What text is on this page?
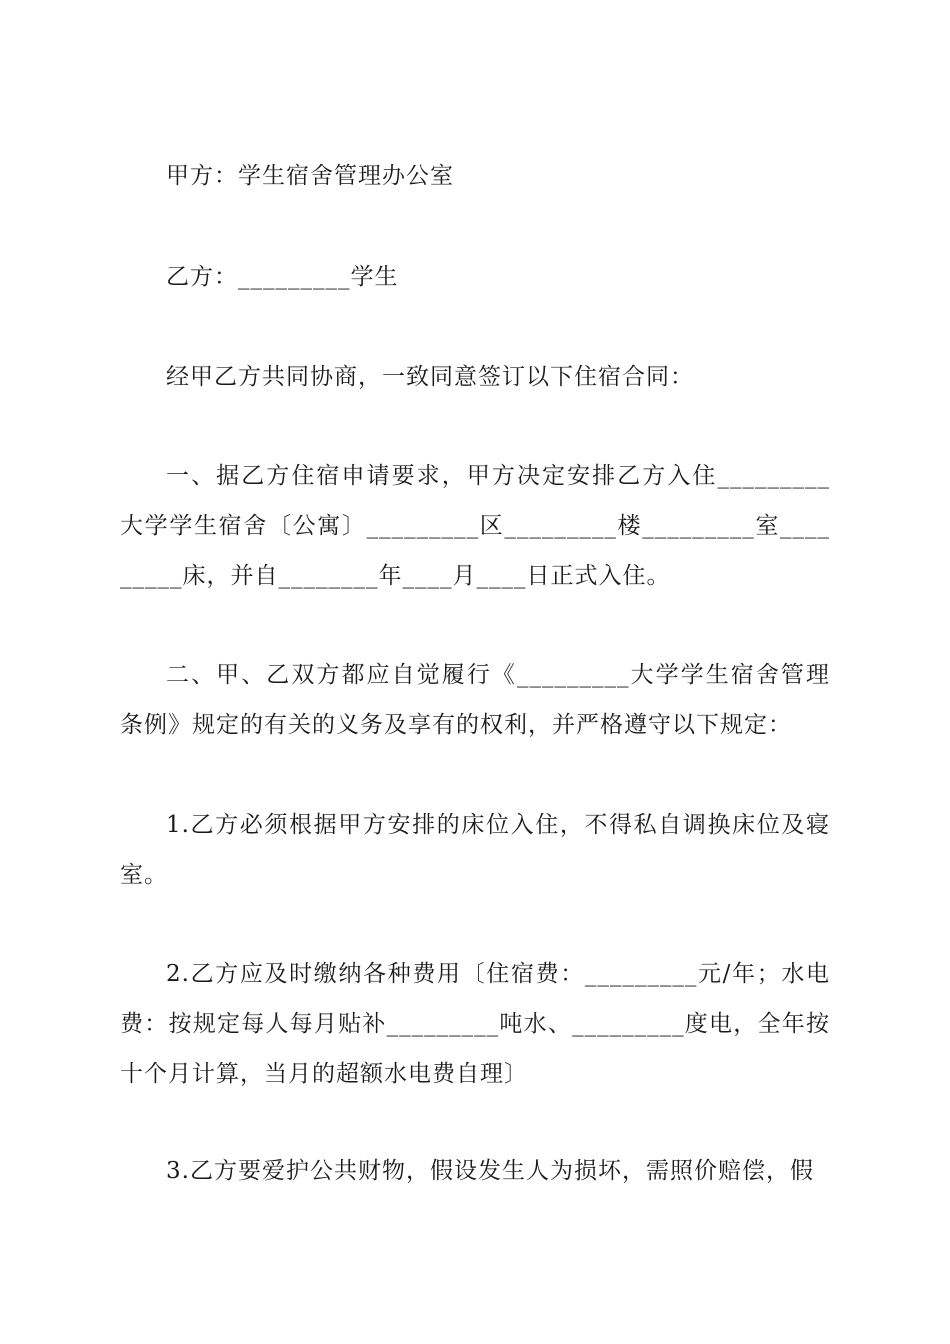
甲方：学生宿舍管理办公室

乙方：_________学生

经甲乙方共同协商，一致同意签订以下住宿合同：

一、据乙方住宿申请要求，甲方决定安排乙方入住_________大学学生宿舍〔公寓〕_________区_________楼_________室_________床，并自________年____月____日正式入住。

二、甲、乙双方都应自觉履行《_________大学学生宿舍管理条例》规定的有关的义务及享有的权利，并严格遵守以下规定：

1.乙方必须根据甲方安排的床位入住，不得私自调换床位及寝室。

2.乙方应及时缴纳各种费用〔住宿费：_________元/年；水电费：按规定每人每月贴补_________吨水、_________度电，全年按十个月计算，当月的超额水电费自理〕

3.乙方要爱护公共财物，假设发生人为损坏，需照价赔偿，假
